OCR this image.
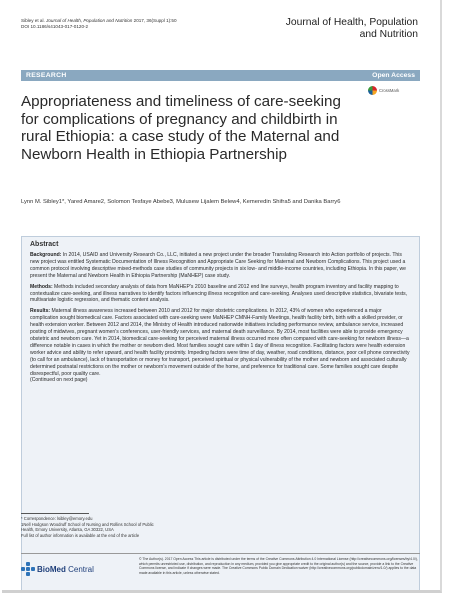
Sibley et al. Journal of Health, Population and Nutrition 2017, 36(Suppl 1):50
DOI 10.1186/s41043-017-0120-2	Journal of Health, Population
and Nutrition
RESEARCH	Open Access
CrossMark
Appropriateness and timeliness of care-seeking for complications of pregnancy and childbirth in rural Ethiopia: a case study of the Maternal and Newborn Health in Ethiopia Partnership
Lynn M. Sibley1*, Yared Amare2, Solomon Tesfaye Abebe3, Mulusew Lijalem Belew4, Kemeredin Shifra5 and Danika Barry6
Abstract

Background: In 2014, USAID and University Research Co., LLC, initiated a new project under the broader Translating Research into Action portfolio of projects. This new project was entitled Systematic Documentation of Illness Recognition and Appropriate Care Seeking for Maternal and Newborn Complications. This project used a common protocol involving descriptive mixed-methods case studies of community projects in six low- and middle-income countries, including Ethiopia. In this paper, we present the Maternal and Newborn Health in Ethiopia Partnership (MaNHEP) case study.

Methods: Methods included secondary analysis of data from MaNHEP's 2010 baseline and 2012 end line surveys, health program inventory and facility mapping to contextualize care-seeking, and illness narratives to identify factors influencing illness recognition and care-seeking. Analyses used descriptive statistics, bivariate tests, multivariate logistic regression, and thematic content analysis.

Results: Maternal illness awareness increased between 2010 and 2012 for major obstetric complications. In 2012, 43% of women who experienced a major complication sought biomedical care. Factors associated with care-seeking were MaNHEP CMNH-Family Meetings, health facility birth, birth with a skilled provider, or health extension worker. Between 2012 and 2014, the Ministry of Health introduced nationwide initiatives including performance review, ambulance service, increased posting of midwives, pregnant women's conferences, user-friendly services, and maternal death surveillance. By 2014, most facilities were able to provide emergency obstetric and newborn care. Yet in 2014, biomedical care-seeking for perceived maternal illness occurred more often compared with care-seeking for newborn illness—a difference notable in cases in which the mother or newborn died. Most families sought care within 1 day of illness recognition. Facilitating factors were health extension worker advice and ability to refer upward, and health facility proximity. Impeding factors were time of day, weather, road conditions, distance, poor cell phone connectivity (to call for an ambulance), lack of transportation or money for transport, perceived spiritual or physical vulnerability of the mother and newborn and associated culturally determined postnatal restrictions on the mother or newborn's movement outside of the home, and preference for traditional care. Some families sought care despite disrespectful, poor quality care.
(Continued on next page)

* Correspondence: lsibley@emory.edu
1Nell Hodgson Woodruff School of Nursing and Rollins School of Public
Health, Emory University, Atlanta, GA 30322, USA
Full list of author information is available at the end of the article
BioMed Central
© The Author(s). 2017 Open Access This article is distributed under the terms of the Creative Commons Attribution 4.0 International License (http://creativecommons.org/licenses/by/4.0/), which permits unrestricted use, distribution, and reproduction in any medium, provided you give appropriate credit to the original author(s) and the source, provide a link to the Creative Commons license, and indicate if changes were made. The Creative Commons Public Domain Dedication waiver (http://creativecommons.org/publicdomain/zero/1.0/) applies to the data made available in this article, unless otherwise stated.
